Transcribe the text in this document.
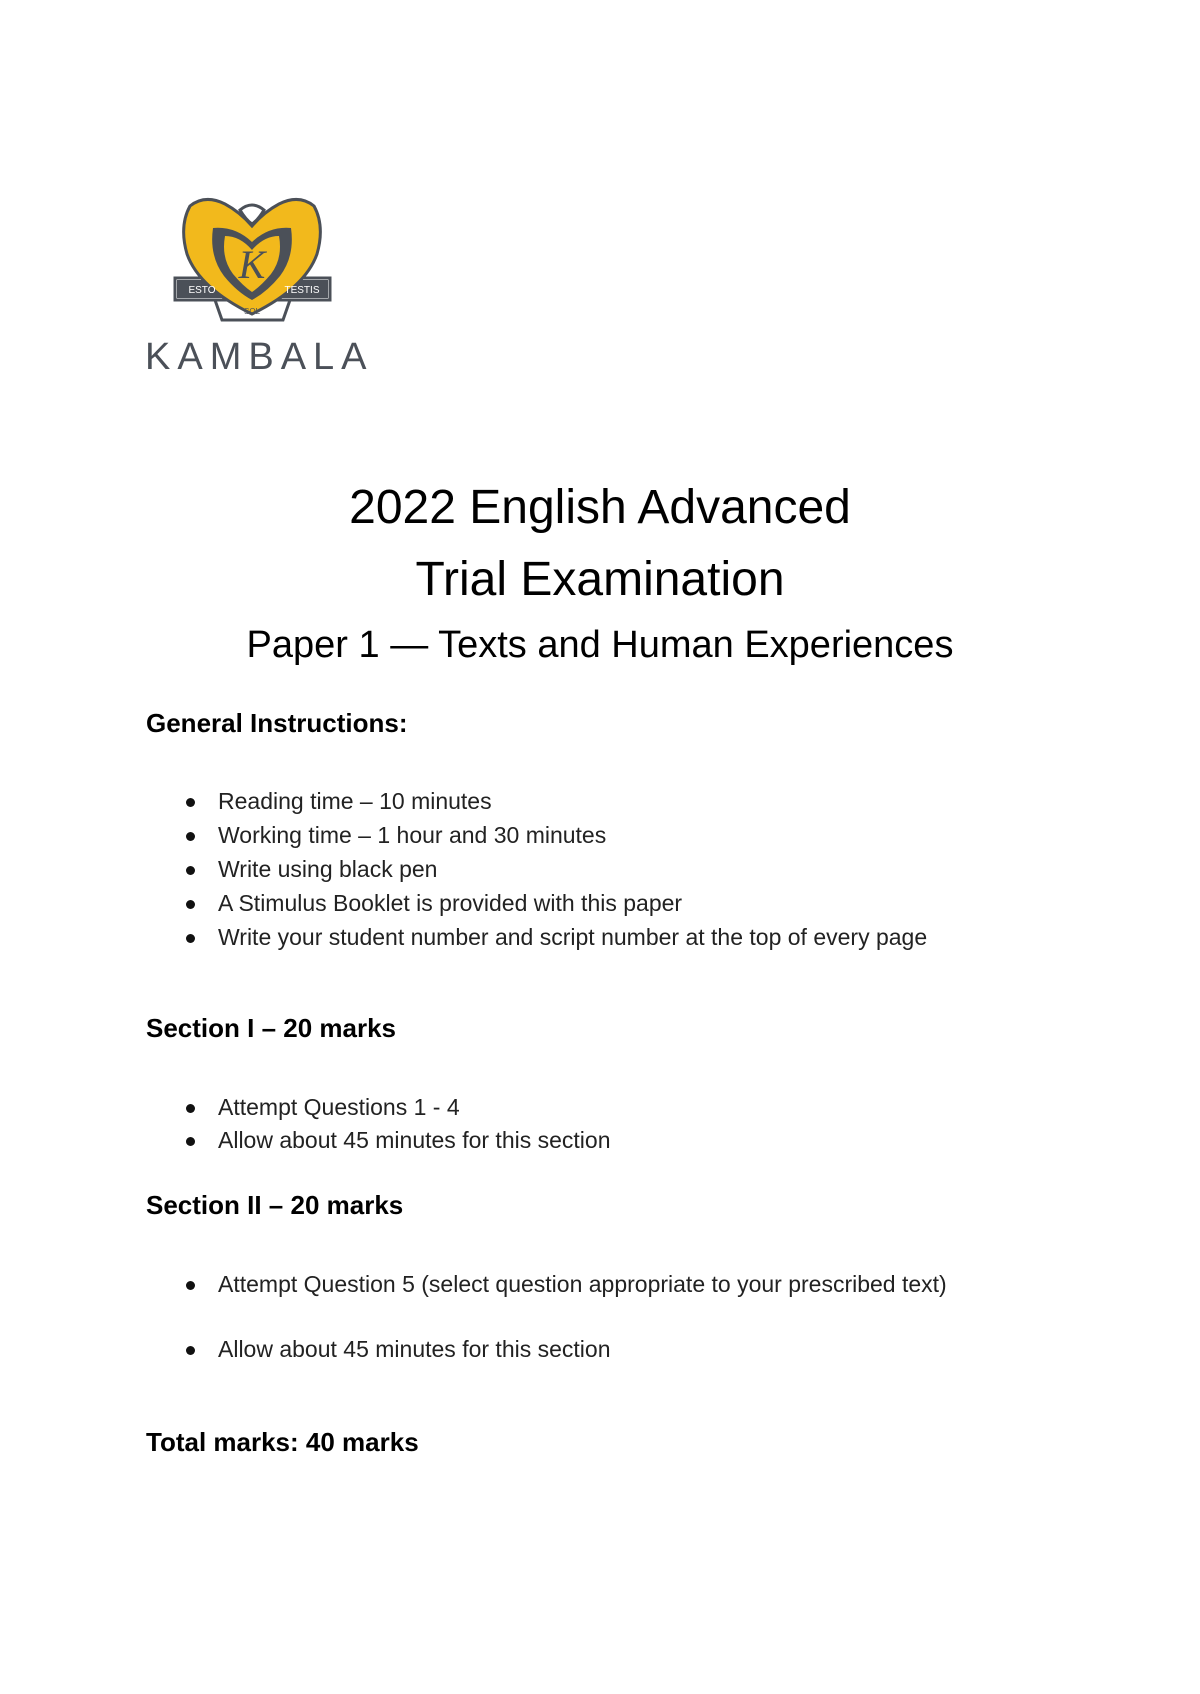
ESTO	TESTIS
SOL
K
KAMBALA
2022 English Advanced
Trial Examination
Paper 1 — Texts and Human Experiences
General Instructions:
Reading time – 10 minutes
Working time – 1 hour and 30 minutes
Write using black pen
A Stimulus Booklet is provided with this paper
Write your student number and script number at the top of every page
Section I – 20 marks
Attempt Questions 1 - 4
Allow about 45 minutes for this section
Section II – 20 marks
Attempt Question 5 (select question appropriate to your prescribed text)
Allow about 45 minutes for this section
Total marks: 40 marks
